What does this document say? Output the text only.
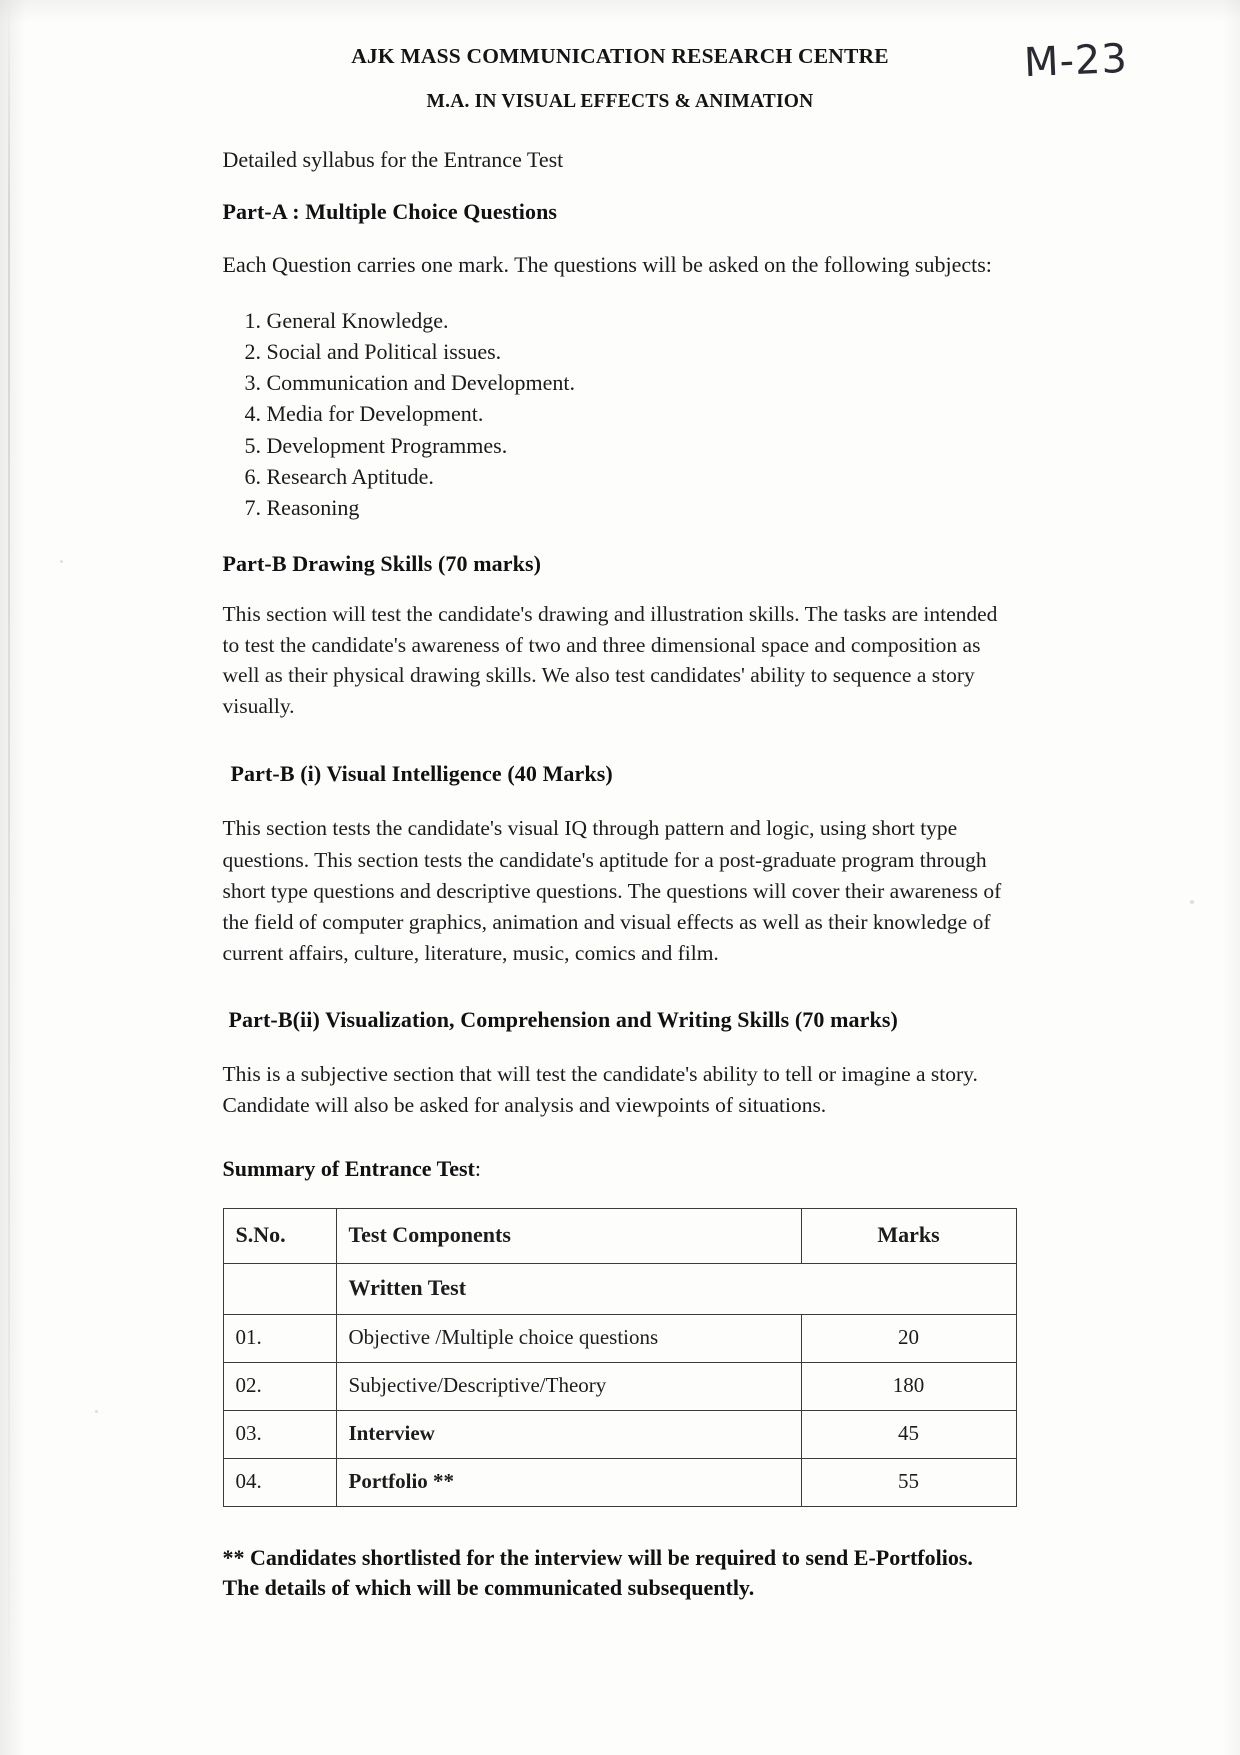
AJK MASS COMMUNICATION RESEARCH CENTRE
M.A. IN VISUAL EFFECTS & ANIMATION
M-23

Detailed syllabus for the Entrance Test

Part-A : Multiple Choice Questions

Each Question carries one mark. The questions will be asked on the following subjects:

1. General Knowledge.
2. Social and Political issues.
3. Communication and Development.
4. Media for Development.
5. Development Programmes.
6. Research Aptitude.
7. Reasoning

Part-B Drawing Skills (70 marks)

This section will test the candidate's drawing and illustration skills. The tasks are intended to test the candidate's awareness of two and three dimensional space and composition as well as their physical drawing skills. We also test candidates' ability to sequence a story visually.

Part-B (i) Visual Intelligence (40 Marks)

This section tests the candidate's visual IQ through pattern and logic, using short type questions. This section tests the candidate's aptitude for a post-graduate program through short type questions and descriptive questions. The questions will cover their awareness of the field of computer graphics, animation and visual effects as well as their knowledge of current affairs, culture, literature, music, comics and film.

Part-B(ii) Visualization, Comprehension and Writing Skills (70 marks)

This is a subjective section that will test the candidate's ability to tell or imagine a story. Candidate will also be asked for analysis and viewpoints of situations.

Summary of Entrance Test:

S.No.	Test Components	Marks
	Written Test	
01.	Objective /Multiple choice questions	20
02.	Subjective/Descriptive/Theory	180
03.	Interview	45
04.	Portfolio **	55
** Candidates shortlisted for the interview will be required to send E-Portfolios.
The details of which will be communicated subsequently.
